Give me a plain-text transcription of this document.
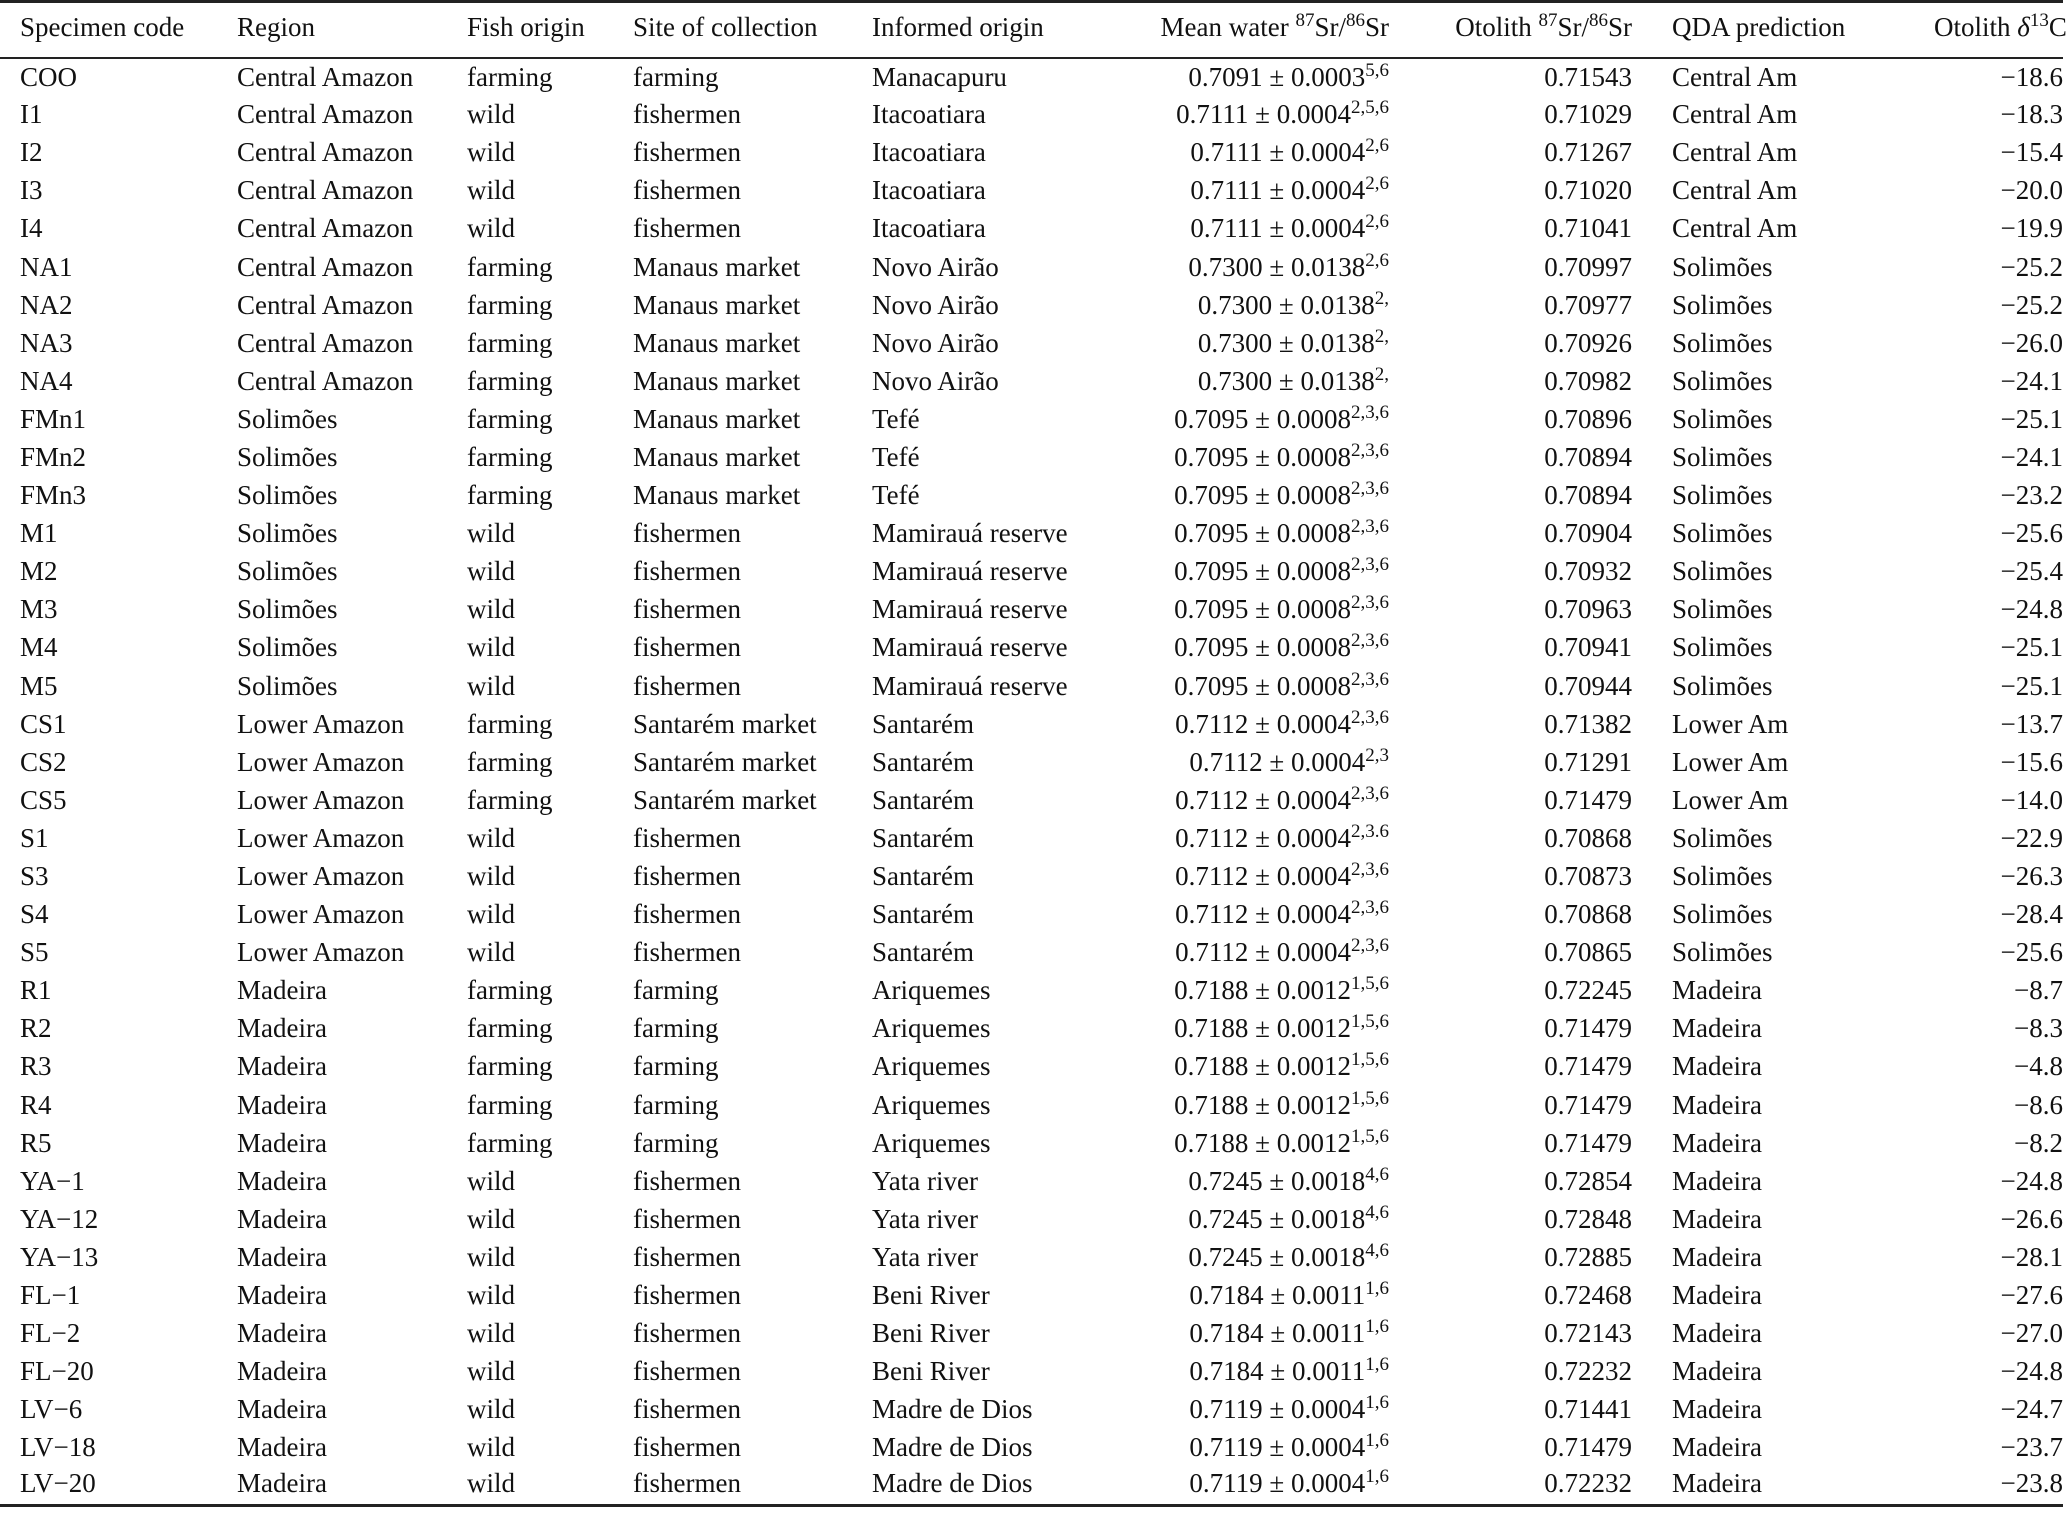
Specimen code	Region	Fish origin	Site of collection	Informed origin	Mean water $^{87}$Sr/$^{86}$Sr	Otolith $^{87}$Sr/$^{86}$Sr		QDA prediction	Otolith $\delta^{13}C$
COO	Central Amazon	farming	farming	Manacapuru	$0.7091 \pm 0.0003^{5,6}$	0.71543		Central Am	−18.6
I1	Central Amazon	wild	fishermen	Itacoatiara	$0.7111 \pm 0.0004^{2,5,6}$	0.71029		Central Am	−18.3
I2	Central Amazon	wild	fishermen	Itacoatiara	$0.7111 \pm 0.0004^{2,6}$	0.71267		Central Am	−15.4
I3	Central Amazon	wild	fishermen	Itacoatiara	$0.7111 \pm 0.0004^{2,6}$	0.71020		Central Am	−20.0
I4	Central Amazon	wild	fishermen	Itacoatiara	$0.7111 \pm 0.0004^{2,6}$	0.71041		Central Am	−19.9
NA1	Central Amazon	farming	Manaus market	Novo Airão	$0.7300 \pm 0.0138^{2,6}$	0.70997		Solimões	−25.2
NA2	Central Amazon	farming	Manaus market	Novo Airão	$0.7300 \pm 0.0138^{2,}$	0.70977		Solimões	−25.2
NA3	Central Amazon	farming	Manaus market	Novo Airão	$0.7300 \pm 0.0138^{2,}$	0.70926		Solimões	−26.0
NA4	Central Amazon	farming	Manaus market	Novo Airão	$0.7300 \pm 0.0138^{2,}$	0.70982		Solimões	−24.1
FMn1	Solimões	farming	Manaus market	Tefé	$0.7095 \pm 0.0008^{2,3,6}$	0.70896		Solimões	−25.1
FMn2	Solimões	farming	Manaus market	Tefé	$0.7095 \pm 0.0008^{2,3,6}$	0.70894		Solimões	−24.1
FMn3	Solimões	farming	Manaus market	Tefé	$0.7095 \pm 0.0008^{2,3,6}$	0.70894		Solimões	−23.2
M1	Solimões	wild	fishermen	Mamirauá reserve	$0.7095 \pm 0.0008^{2,3,6}$	0.70904		Solimões	−25.6
M2	Solimões	wild	fishermen	Mamirauá reserve	$0.7095 \pm 0.0008^{2,3,6}$	0.70932		Solimões	−25.4
M3	Solimões	wild	fishermen	Mamirauá reserve	$0.7095 \pm 0.0008^{2,3,6}$	0.70963		Solimões	−24.8
M4	Solimões	wild	fishermen	Mamirauá reserve	$0.7095 \pm 0.0008^{2,3,6}$	0.70941		Solimões	−25.1
M5	Solimões	wild	fishermen	Mamirauá reserve	$0.7095 \pm 0.0008^{2,3,6}$	0.70944		Solimões	−25.1
CS1	Lower Amazon	farming	Santarém market	Santarém	$0.7112 \pm 0.0004^{2,3,6}$	0.71382		Lower Am	−13.7
CS2	Lower Amazon	farming	Santarém market	Santarém	$0.7112 \pm 0.0004^{2,3}$	0.71291		Lower Am	−15.6
CS5	Lower Amazon	farming	Santarém market	Santarém	$0.7112 \pm 0.0004^{2,3,6}$	0.71479		Lower Am	−14.0
S1	Lower Amazon	wild	fishermen	Santarém	$0.7112 \pm 0.0004^{2,3.6}$	0.70868		Solimões	−22.9
S3	Lower Amazon	wild	fishermen	Santarém	$0.7112 \pm 0.0004^{2,3,6}$	0.70873		Solimões	−26.3
S4	Lower Amazon	wild	fishermen	Santarém	$0.7112 \pm 0.0004^{2,3,6}$	0.70868		Solimões	−28.4
S5	Lower Amazon	wild	fishermen	Santarém	$0.7112 \pm 0.0004^{2,3,6}$	0.70865		Solimões	−25.6
R1	Madeira	farming	farming	Ariquemes	$0.7188 \pm 0.0012^{1,5,6}$	0.72245		Madeira	−8.7
R2	Madeira	farming	farming	Ariquemes	$0.7188 \pm 0.0012^{1,5,6}$	0.71479		Madeira	−8.3
R3	Madeira	farming	farming	Ariquemes	$0.7188 \pm 0.0012^{1,5,6}$	0.71479		Madeira	−4.8
R4	Madeira	farming	farming	Ariquemes	$0.7188 \pm 0.0012^{1,5,6}$	0.71479		Madeira	−8.6
R5	Madeira	farming	farming	Ariquemes	$0.7188 \pm 0.0012^{1,5,6}$	0.71479		Madeira	−8.2
YA−1	Madeira	wild	fishermen	Yata river	$0.7245 \pm 0.0018^{4,6}$	0.72854		Madeira	−24.8
YA−12	Madeira	wild	fishermen	Yata river	$0.7245 \pm 0.0018^{4,6}$	0.72848		Madeira	−26.6
YA−13	Madeira	wild	fishermen	Yata river	$0.7245 \pm 0.0018^{4,6}$	0.72885		Madeira	−28.1
FL−1	Madeira	wild	fishermen	Beni River	$0.7184 \pm 0.0011^{1,6}$	0.72468		Madeira	−27.6
FL−2	Madeira	wild	fishermen	Beni River	$0.7184 \pm 0.0011^{1,6}$	0.72143		Madeira	−27.0
FL−20	Madeira	wild	fishermen	Beni River	$0.7184 \pm 0.0011^{1,6}$	0.72232		Madeira	−24.8
LV−6	Madeira	wild	fishermen	Madre de Dios	$0.7119 \pm 0.0004^{1,6}$	0.71441		Madeira	−24.7
LV−18	Madeira	wild	fishermen	Madre de Dios	$0.7119 \pm 0.0004^{1,6}$	0.71479		Madeira	−23.7
LV−20	Madeira	wild	fishermen	Madre de Dios	$0.7119 \pm 0.0004^{1,6}$	0.72232		Madeira	−23.8
